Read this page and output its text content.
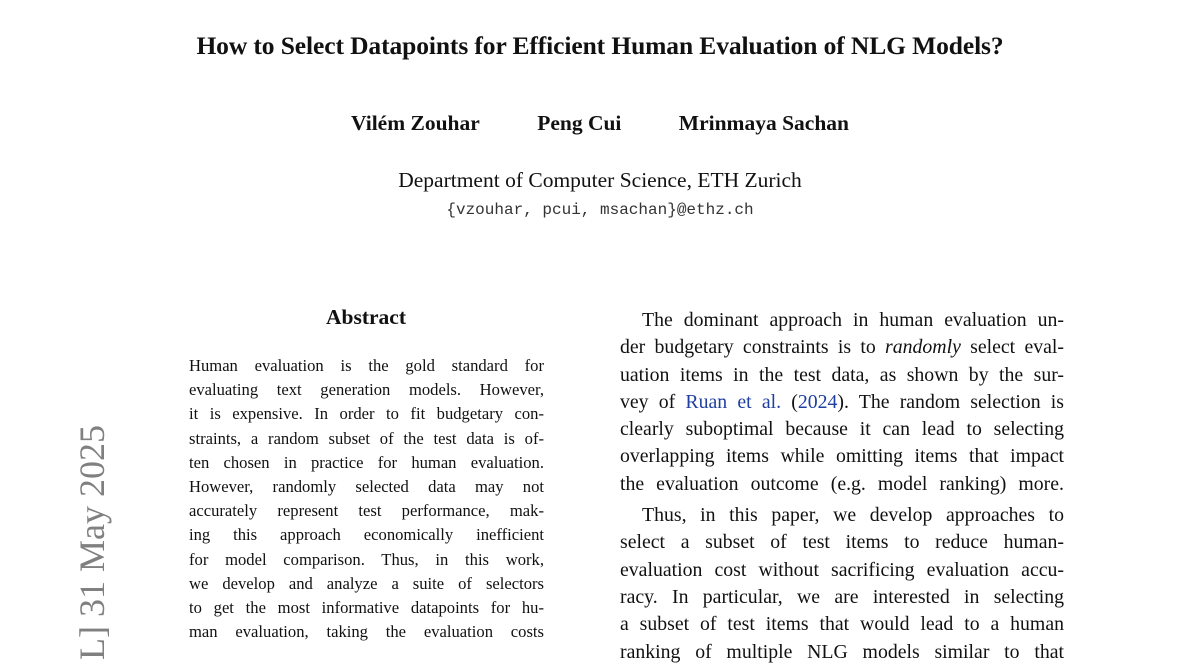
How to Select Datapoints for Efficient Human Evaluation of NLG Models?
Vilém Zouhar	Peng Cui	Mrinmaya Sachan
Department of Computer Science, ETH Zurich
{vzouhar, pcui, msachan}@ethz.ch
L] 31 May 2025
Abstract
Human evaluation is the gold standard for
evaluating text generation models. However,
it is expensive. In order to fit budgetary con-
straints, a random subset of the test data is of-
ten chosen in practice for human evaluation.
However, randomly selected data may not
accurately represent test performance, mak-
ing this approach economically inefficient
for model comparison. Thus, in this work,
we develop and analyze a suite of selectors
to get the most informative datapoints for hu-
man evaluation, taking the evaluation costs
The dominant approach in human evaluation un-
der budgetary constraints is to randomly select eval-
uation items in the test data, as shown by the sur-
vey of Ruan et al. (2024). The random selection is
clearly suboptimal because it can lead to selecting
overlapping items while omitting items that impact
the evaluation outcome (e.g. model ranking) more.
Thus, in this paper, we develop approaches to
select a subset of test items to reduce human-
evaluation cost without sacrificing evaluation accu-
racy. In particular, we are interested in selecting
a subset of test items that would lead to a human
ranking of multiple NLG models similar to that
